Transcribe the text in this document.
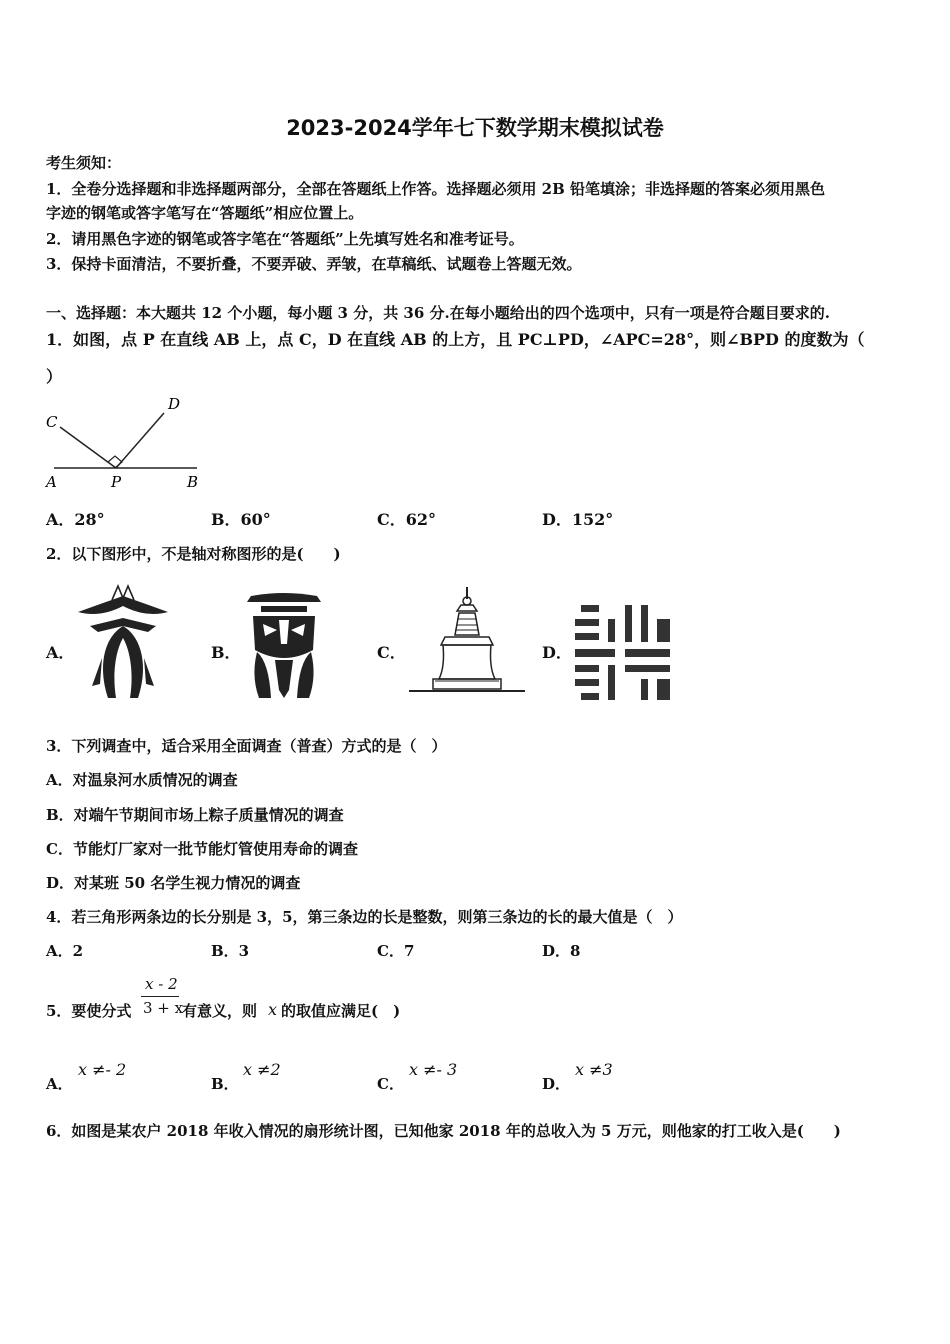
2023-2024学年七下数学期末模拟试卷
考生须知：
1．全卷分选择题和非选择题两部分，全部在答题纸上作答。选择题必须用 2B 铅笔填涂；非选择题的答案必须用黑色
字迹的钢笔或答字笔写在“答题纸”相应位置上。
2．请用黑色字迹的钢笔或答字笔在“答题纸”上先填写姓名和准考证号。
3．保持卡面清洁，不要折叠，不要弄破、弄皱，在草稿纸、试题卷上答题无效。
一、选择题：本大题共 12 个小题，每小题 3 分，共 36 分.在每小题给出的四个选项中，只有一项是符合题目要求的.
1．如图，点 P 在直线 AB 上，点 C，D 在直线 AB 的上方，且 PC⊥PD，∠APC=28°，则∠BPD 的度数为（
）
C
D
A	P	B
A．28°	B．60°	C．62°	D．152°
2．以下图形中，不是轴对称图形的是(　　)
A．	B．	C．	D．
3．下列调查中，适合采用全面调查（普查）方式的是（　）
A．对温泉河水质情况的调查
B．对端午节期间市场上粽子质量情况的调查
C．节能灯厂家对一批节能灯管使用寿命的调查
D．对某班 50 名学生视力情况的调查
4．若三角形两条边的长分别是 3，5，第三条边的长是整数，则第三条边的长的最大值是（　）
A．2	B．3	C．7	D．8
5．要使分式
x - 2
3 + x
有意义，则 x 的取值应满足(　)
A．
x ≠- 2
B．
x ≠2
C．
x ≠- 3
D．
x ≠3
6．如图是某农户 2018 年收入情况的扇形统计图，已知他家 2018 年的总收入为 5 万元，则他家的打工收入是(　　)
